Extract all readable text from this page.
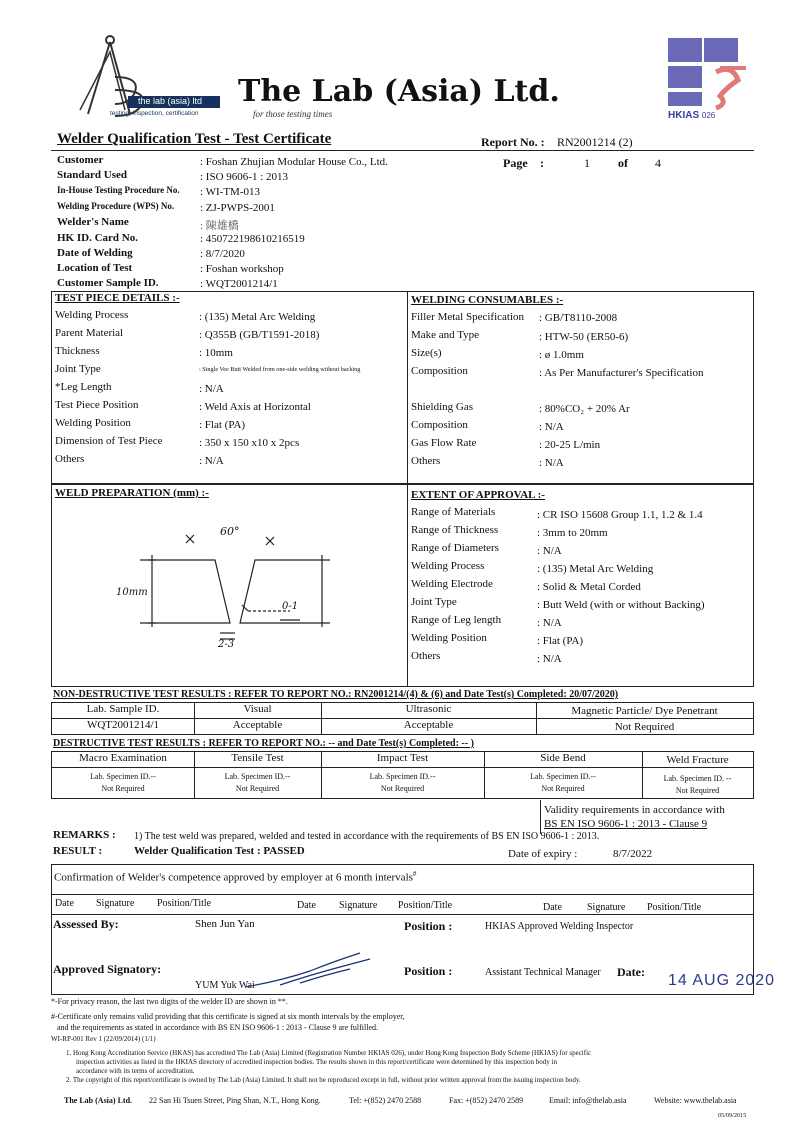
the lab (asia) ltd
testing, inspection, certification
The Lab (Asia) Ltd.
for those testing times	HKIAS 026
Welder Qualification Test - Test Certificate	Report No. : RN2001214 (2)
Page :	1 of 4
Customer	: Foshan Zhujian Modular House Co., Ltd.
Standard Used	: ISO 9606-1 : 2013
In-House Testing Procedure No. : WI-TM-013
Welding Procedure (WPS) No. : ZJ-PWPS-2001
Welder's Name	: 陳雄橋
HK ID. Card No.	: 450722198610216519
Date of Welding	: 8/7/2020
Location of Test	: Foshan workshop
Customer Sample ID.	: WQT2001214/1
TEST PIECE DETAILS :-
Welding Process	: (135) Metal Arc Welding
Parent Material	: Q355B (GB/T1591-2018)
Thickness	: 10mm
Joint Type	: Single Vee Butt Welded from one-side welding without backing
*Leg Length	: N/A
Test Piece Position	: Weld Axis at Horizontal
Welding Position	: Flat (PA)
Dimension of Test Piece	: 350 x 150 x10 x 2pcs
Others	: N/A
WELDING CONSUMABLES :-
Filler Metal Specification : GB/T8110-2008
Make and Type	: HTW-50 (ER50-6)
Size(s)	: ø 1.0mm
Composition	: As Per Manufacturer's Specification
Shielding Gas	: 80%CO₂ + 20% Ar
Composition	: N/A
Gas Flow Rate	: 20-25 L/min
Others	: N/A
WELD PREPARATION (mm) :-
60°
10mm
0-1
2-3
EXTENT OF APPROVAL :-
Range of Materials	: CR ISO 15608 Group 1.1, 1.2 & 1.4
Range of Thickness	: 3mm to 20mm
Range of Diameters	: N/A
Welding Process	: (135) Metal Arc Welding
Welding Electrode	: Solid & Metal Corded
Joint Type	: Butt Weld (with or without Backing)
Range of Leg length	: N/A
Welding Position	: Flat (PA)
Others	: N/A
NON-DESTRUCTIVE TEST RESULTS : REFER TO REPORT NO.: RN2001214/(4) & (6) and Date Test(s) Completed: 20/07/2020)
Lab. Sample ID.	Visual	Ultrasonic	Magnetic Particle/ Dye Penetrant
WQT2001214/1	Acceptable	Acceptable	Not Required
DESTRUCTIVE TEST RESULTS : REFER TO REPORT NO.: -- and Date Test(s) Completed: -- )
Macro Examination	Tensile Test	Impact Test	Side Bend	Weld Fracture
Lab. Specimen ID.--	Lab. Specimen ID.--	Lab. Specimen ID.--	Lab. Specimen ID.--	Lab. Specimen ID. --
Not Required	Not Required	Not Required	Not Required	Not Required
Validity requirements in accordance with
BS EN ISO 9606-1 : 2013 - Clause 9
REMARKS : 1) The test weld was prepared, welded and tested in accordance with the requirements of BS EN ISO 9606-1 : 2013.
RESULT :	Welder Qualification Test : PASSED	Date of expiry :	8/7/2022
Confirmation of Welder's competence approved by employer at 6 month intervals#
Date Signature Position/Title	Date Signature Position/Title	Date	Signature Position/Title
Assessed By:	Shen Jun Yan	Position :	HKIAS Approved Welding Inspector
Approved Signatory:
YUM Yuk Wai
Position :	Assistant Technical Manager Date: 14 AUG 2020
*-For privacy reason, the last two digits of the welder ID are shown in **.
#-Certificate only remains valid providing that this certificate is signed at six month intervals by the employer,
and the requirements as stated in accordance with BS EN ISO 9606-1 : 2013 - Clause 9 are fulfilled.
WI-RP-001 Rev 1 (22/09/2014) (1/1)
1. Hong Kong Accreditation Service (HKAS) has accredited The Lab (Asia) Limited (Registration Number HKIAS 026), under Hong Kong Inspection Body Scheme (HKIAS) for specific
inspection activities as listed in the HKIAS directory of accredited inspection bodies. The results shown in this report/certificate were determined by this inspection body in
accordance with its terms of accreditation.
2. The copyright of this report/certificate is owned by The Lab (Asia) Limited. It shall not be reproduced except in full, without prior written approval from the issuing inspection body.
The Lab (Asia) Ltd. 22 San Hi Tsuen Street, Ping Shan, N.T., Hong Kong.	Tel: +(852) 2470 2588	Fax: +(852) 2470 2589	Email: info@thelab.asia	Website: www.thelab.asia
05/09/2015
